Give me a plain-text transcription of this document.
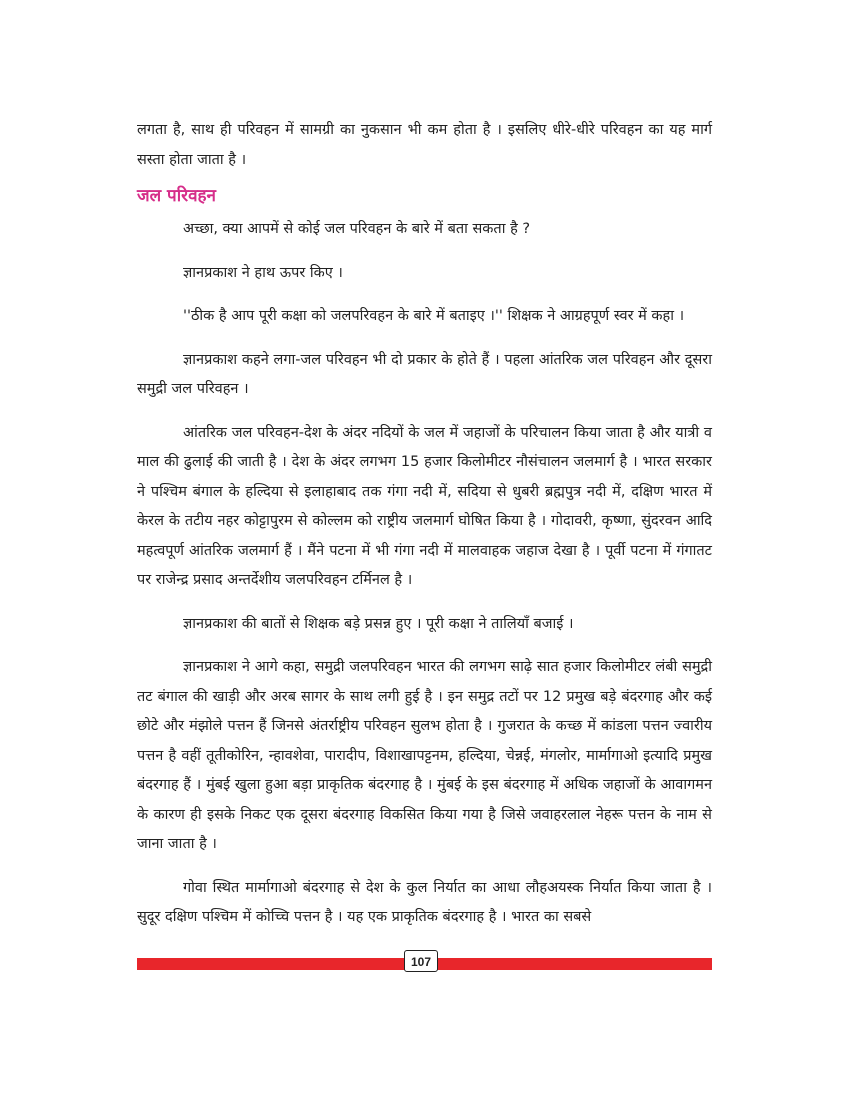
लगता है, साथ ही परिवहन में सामग्री का नुकसान भी कम होता है । इसलिए धीरे-धीरे परिवहन का यह मार्ग सस्ता होता जाता है ।

जल परिवहन

अच्छा, क्या आपमें से कोई जल परिवहन के बारे में बता सकता है ?

ज्ञानप्रकाश ने हाथ ऊपर किए ।

''ठीक है आप पूरी कक्षा को जलपरिवहन के बारे में बताइए ।'' शिक्षक ने आग्रहपूर्ण स्वर में कहा ।

ज्ञानप्रकाश कहने लगा-जल परिवहन भी दो प्रकार के होते हैं । पहला आंतरिक जल परिवहन और दूसरा समुद्री जल परिवहन ।

आंतरिक जल परिवहन-देश के अंदर नदियों के जल में जहाजों के परिचालन किया जाता है और यात्री व माल की ढुलाई की जाती है । देश के अंदर लगभग 15 हजार किलोमीटर नौसंचालन जलमार्ग है । भारत सरकार ने पश्चिम बंगाल के हल्दिया से इलाहाबाद तक गंगा नदी में, सदिया से धुबरी ब्रह्मपुत्र नदी में, दक्षिण भारत में केरल के तटीय नहर कोट्टापुरम से कोल्लम को राष्ट्रीय जलमार्ग घोषित किया है । गोदावरी, कृष्णा, सुंदरवन आदि महत्वपूर्ण आंतरिक जलमार्ग हैं । मैंने पटना में भी गंगा नदी में मालवाहक जहाज देखा है । पूर्वी पटना में गंगातट पर राजेन्द्र प्रसाद अन्तर्देशीय जलपरिवहन टर्मिनल है ।

ज्ञानप्रकाश की बातों से शिक्षक बड़े प्रसन्न हुए । पूरी कक्षा ने तालियाँ बजाई ।

ज्ञानप्रकाश ने आगे कहा, समुद्री जलपरिवहन भारत की लगभग साढ़े सात हजार किलोमीटर लंबी समुद्री तट बंगाल की खाड़ी और अरब सागर के साथ लगी हुई है । इन समुद्र तटों पर 12 प्रमुख बड़े बंदरगाह और कई छोटे और मंझोले पत्तन हैं जिनसे अंतर्राष्ट्रीय परिवहन सुलभ होता है । गुजरात के कच्छ में कांडला पत्तन ज्वारीय पत्तन है वहीं तूतीकोरिन, न्हावशेवा, पारादीप, विशाखापट्टनम, हल्दिया, चेन्नई, मंगलोर, मार्मागाओ इत्यादि प्रमुख बंदरगाह हैं । मुंबई खुला हुआ बड़ा प्राकृतिक बंदरगाह है । मुंबई के इस बंदरगाह में अधिक जहाजों के आवागमन के कारण ही इसके निकट एक दूसरा बंदरगाह विकसित किया गया है जिसे जवाहरलाल नेहरू पत्तन के नाम से जाना जाता है ।

गोवा स्थित मार्मागाओ बंदरगाह से देश के कुल निर्यात का आधा लौहअयस्क निर्यात किया जाता है । सुदूर दक्षिण पश्चिम में कोच्चि पत्तन है । यह एक प्राकृतिक बंदरगाह है । भारत का सबसे

107
